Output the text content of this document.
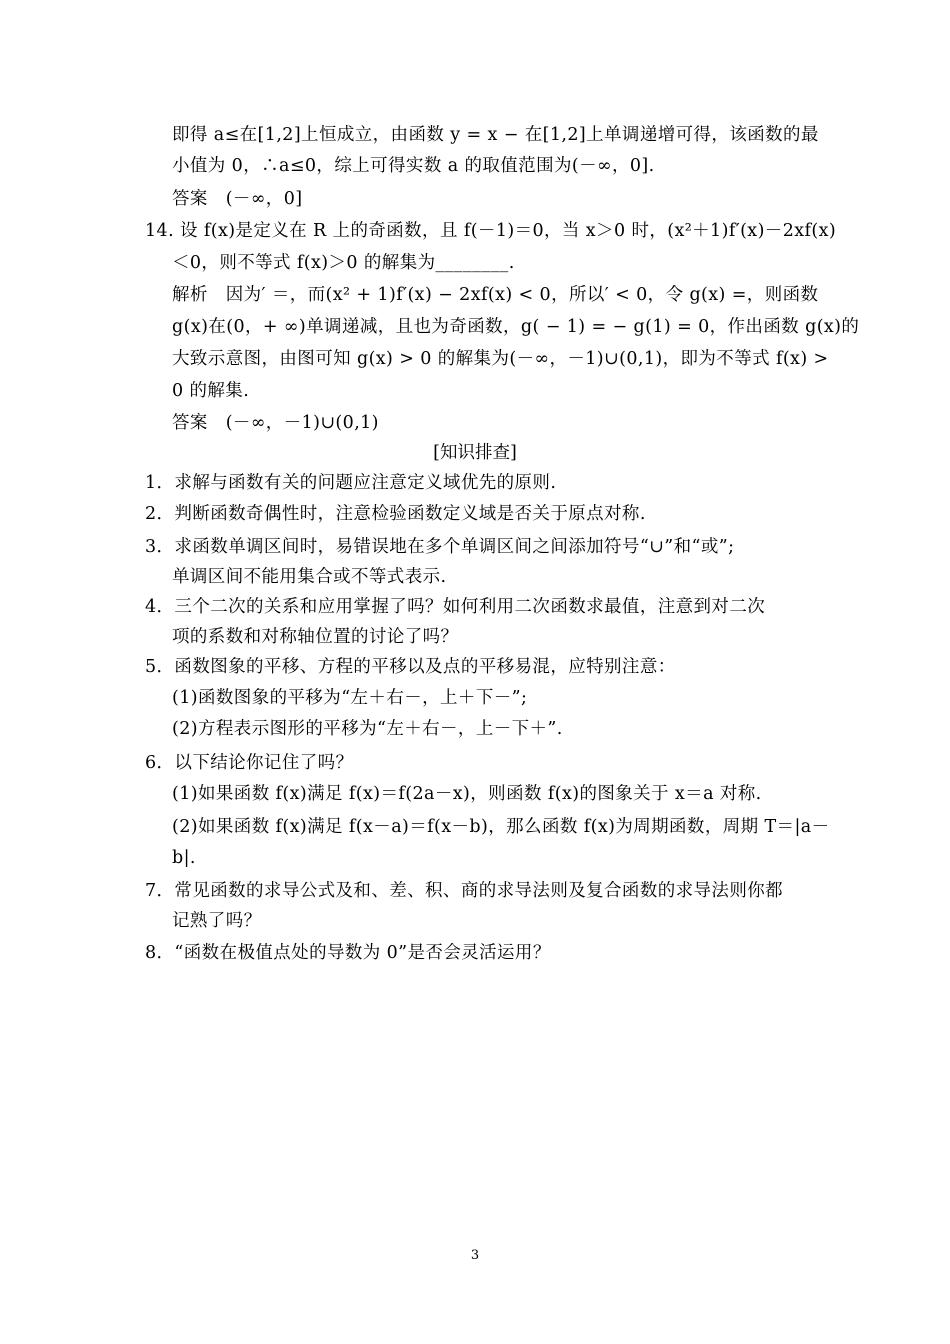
即得 a≤在[1,2]上恒成立，由函数 y = x − 在[1,2]上单调递增可得，该函数的最
小值为 0，∴a≤0，综上可得实数 a 的取值范围为(－∞，0].
答案　(－∞，0]
14. 设 f(x)是定义在 R 上的奇函数，且 f(－1)＝0，当 x＞0 时，(x²＋1)f′(x)－2xf(x)
＜0，则不等式 f(x)＞0 的解集为________.
解析　因为′ ＝，而(x² + 1)f′(x) − 2xf(x) < 0，所以′ < 0，令 g(x) =，则函数
g(x)在(0，+ ∞)单调递减，且也为奇函数，g( − 1) = − g(1) = 0，作出函数 g(x)的
大致示意图，由图可知 g(x) > 0 的解集为(－∞，－1)∪(0,1)，即为不等式 f(x) >
0 的解集.
答案　(－∞，－1)∪(0,1)
1．求解与函数有关的问题应注意定义域优先的原则.
2．判断函数奇偶性时，注意检验函数定义域是否关于原点对称.
3．求函数单调区间时，易错误地在多个单调区间之间添加符号“∪”和“或”;
单调区间不能用集合或不等式表示.
4．三个二次的关系和应用掌握了吗？如何利用二次函数求最值，注意到对二次
项的系数和对称轴位置的讨论了吗？
5．函数图象的平移、方程的平移以及点的平移易混，应特别注意：
(1)函数图象的平移为“左＋右－，上＋下－”;
(2)方程表示图形的平移为“左＋右－，上－下＋”.
6．以下结论你记住了吗？
(1)如果函数 f(x)满足 f(x)＝f(2a－x)，则函数 f(x)的图象关于 x＝a 对称.
(2)如果函数 f(x)满足 f(x－a)＝f(x－b)，那么函数 f(x)为周期函数，周期 T＝|a－
b|.
7．常见函数的求导公式及和、差、积、商的求导法则及复合函数的求导法则你都
记熟了吗？
8．“函数在极值点处的导数为 0”是否会灵活运用？
[知识排查]
3
